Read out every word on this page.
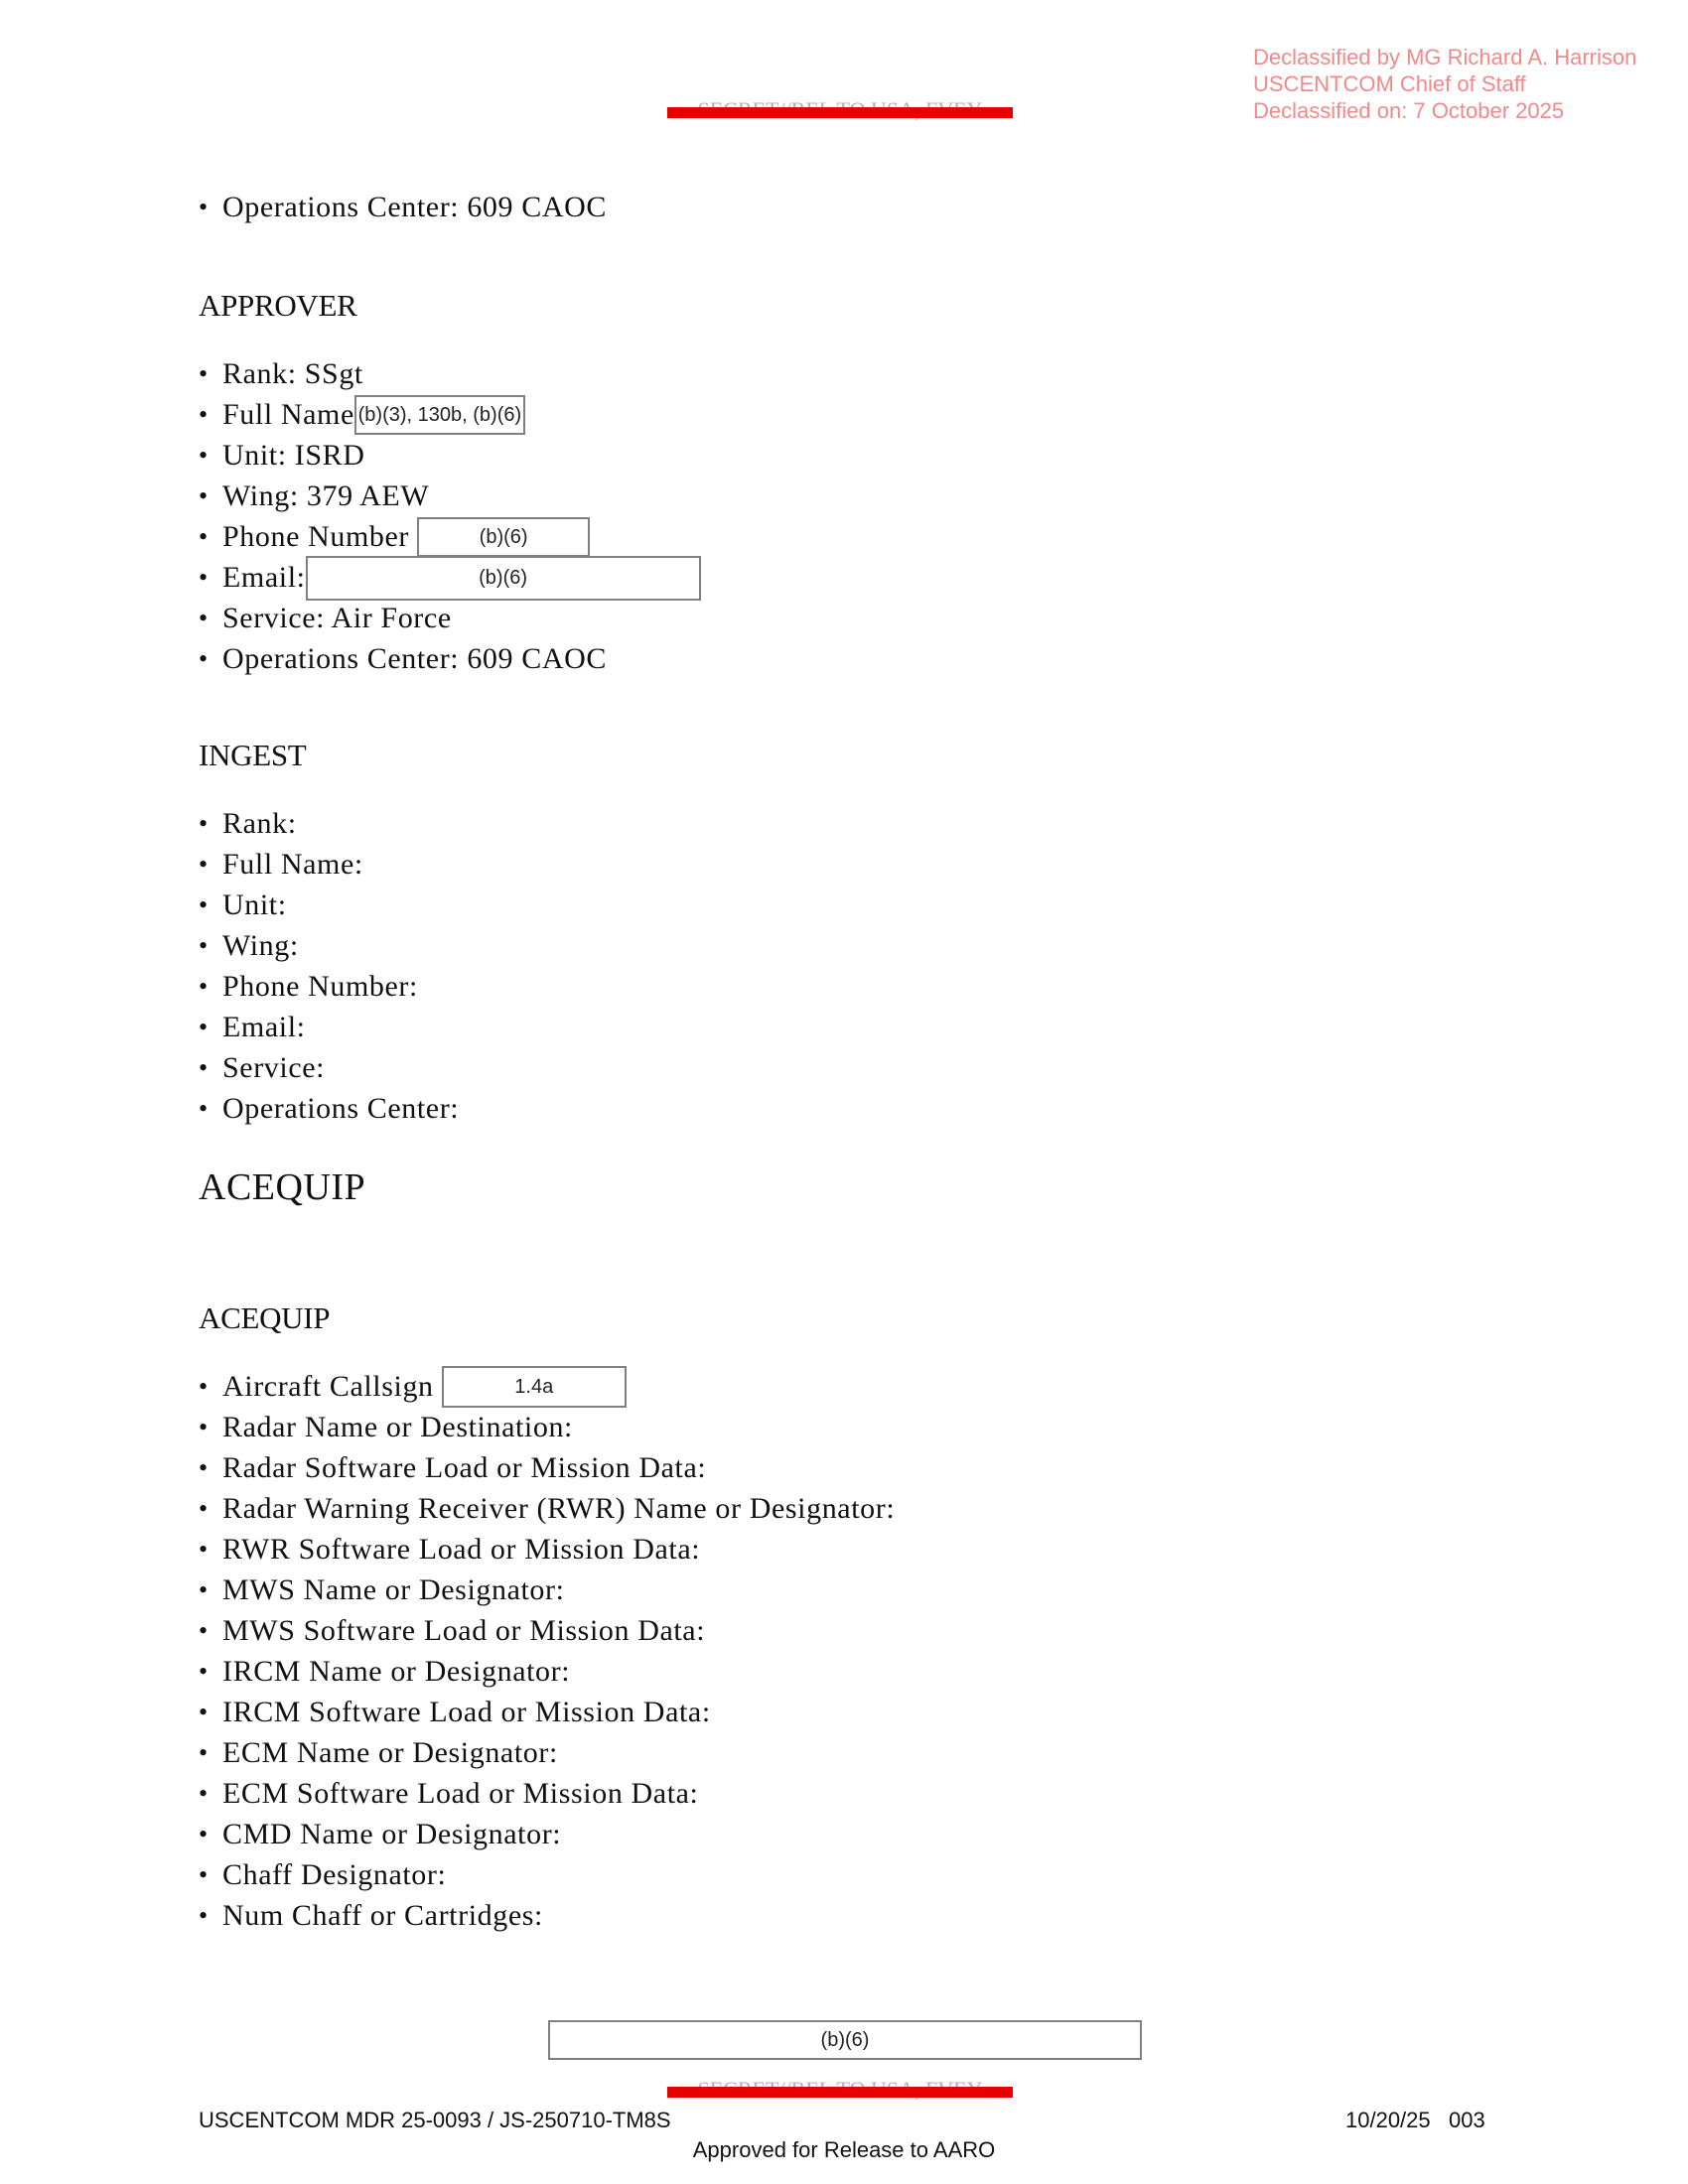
Declassified by MG Richard A. Harrison
USCENTCOM Chief of Staff
Declassified on: 7 October 2025
• Operations Center: 609 CAOC
APPROVER
• Rank: SSgt
• Full Name (b)(3), 130b, (b)(6)
• Unit: ISRD
• Wing: 379 AEW
• Phone Number	(b)(6)
• Email:	(b)(6)
• Service: Air Force
• Operations Center: 609 CAOC
INGEST
• Rank:
• Full Name:
• Unit:
• Wing:
• Phone Number:
• Email:
• Service:
• Operations Center:
ACEQUIP
ACEQUIP
• Aircraft Callsign	1.4a
• Radar Name or Destination:
• Radar Software Load or Mission Data:
• Radar Warning Receiver (RWR) Name or Designator:
• RWR Software Load or Mission Data:
• MWS Name or Designator:
• MWS Software Load or Mission Data:
• IRCM Name or Designator:
• IRCM Software Load or Mission Data:
• ECM Name or Designator:
• ECM Software Load or Mission Data:
• CMD Name or Designator:
• Chaff Designator:
• Num Chaff or Cartridges:
(b)(6)
USCENTCOM MDR 25-0093 / JS-250710-TM8S	10/20/25   003
Approved for Release to AARO
